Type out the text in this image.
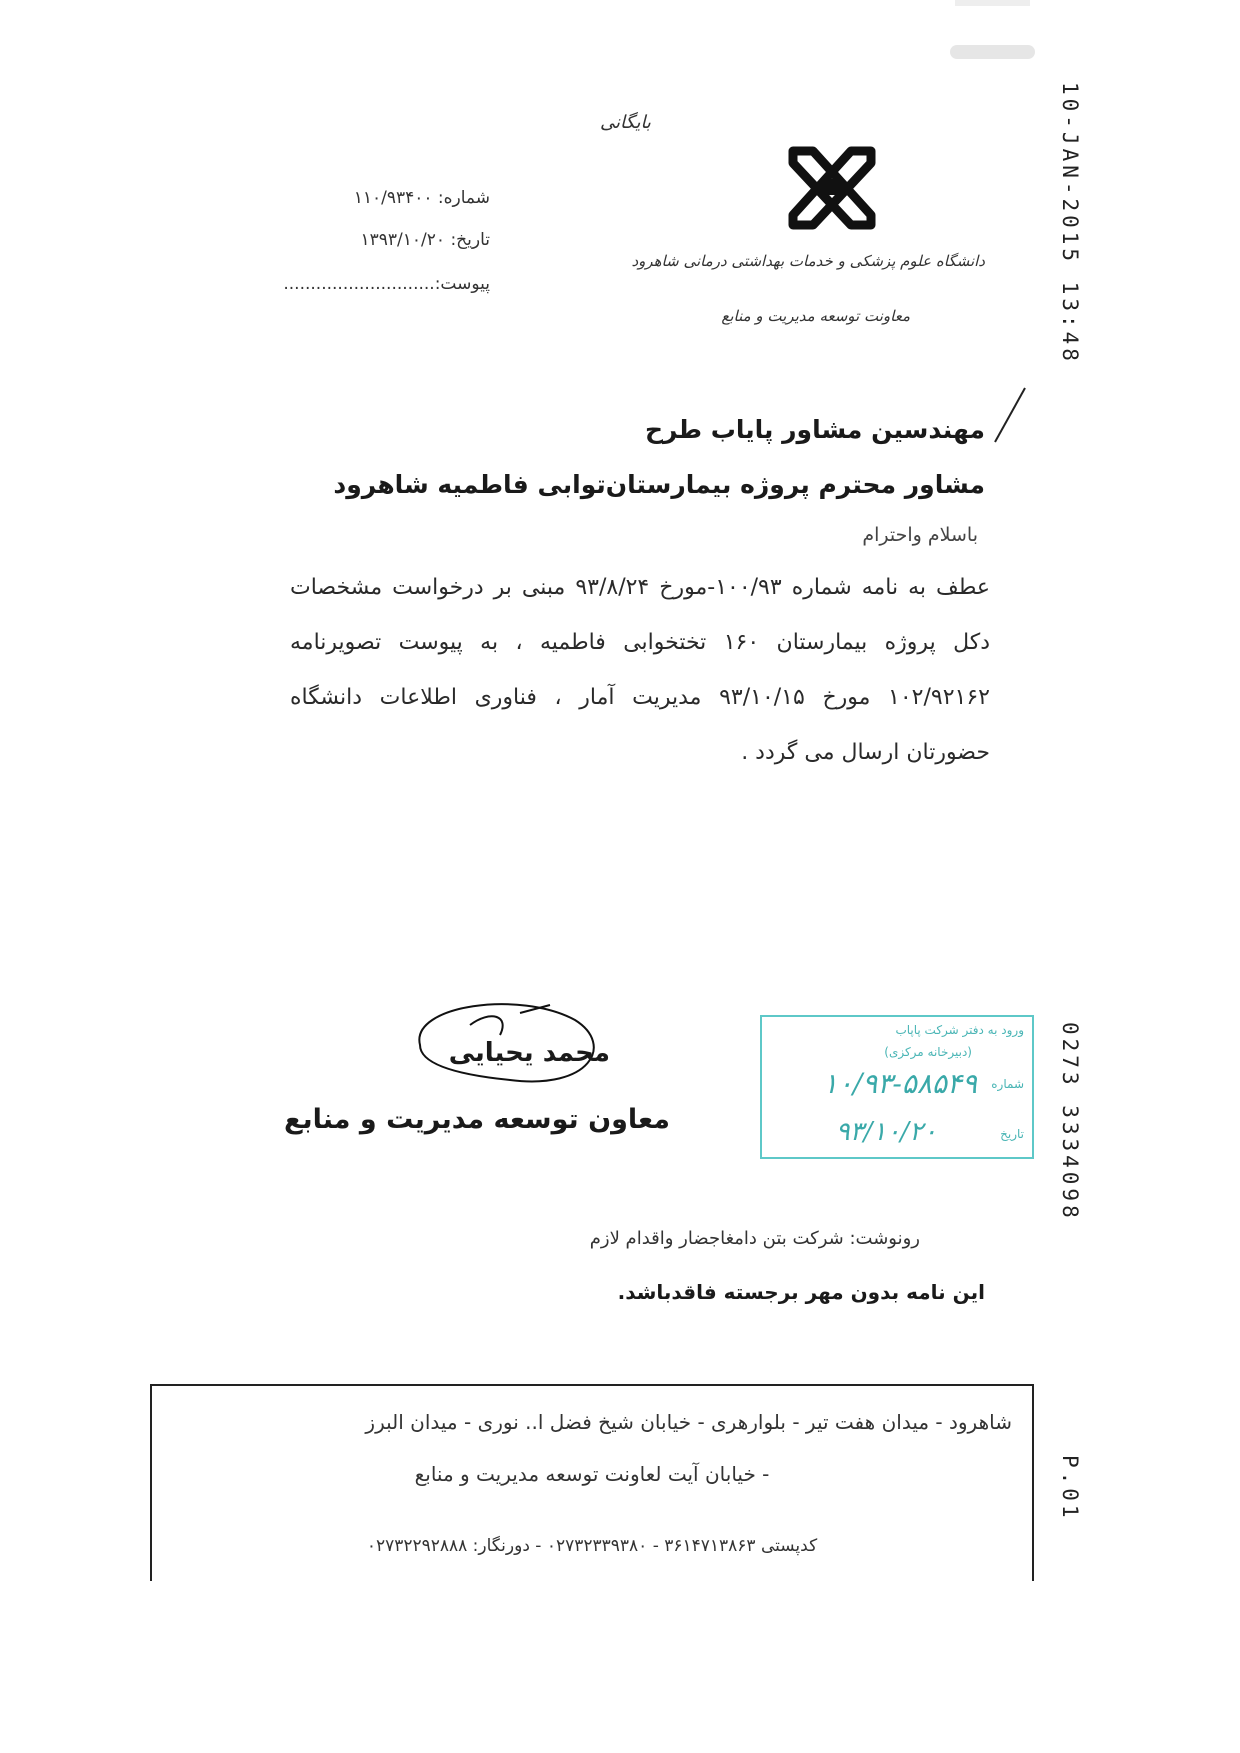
10-JAN-2015 13:48
0273 3334098
P.01
بایگانی
دانشگاه علوم پزشکی و خدمات بهداشتی درمانی شاهرود
معاونت توسعه مدیریت و منابع
شماره: ۱۱۰/۹۳۴۰۰
تاریخ: ۱۳۹۳/۱۰/۲۰
پیوست:............................
مهندسین مشاور پایاب طرح
مشاور محترم پروژه بیمارستان‌توابی فاطمیه شاهرود
باسلام واحترام
عطف به نامه شماره ۱۰۰/۹۳-مورخ ۹۳/۸/۲۴ مبنی بر درخواست مشخصات دکل پروژه بیمارستان ۱۶۰ تختخوابی فاطمیه ، به پیوست تصویرنامه ۱۰۲/۹۲۱۶۲ مورخ ۹۳/۱۰/۱۵ مدیریت آمار ، فناوری اطلاعات دانشگاه حضورتان ارسال می گردد .
محمد یحیایی
معاون توسعه مدیریت و منابع
ورود به دفتر شرکت پاپاب
(دبیرخانه مرکزی)
شماره
۱۰/۹۳-۵۸۵۴۹
تاریخ
۹۳/۱۰/۲۰
رونوشت: شرکت بتن دامغاجضار واقدام لازم
این نامه بدون مهر برجسته فاقدباشد.
شاهرود - میدان هفت تیر - بلوارهری - خیابان شیخ فضل ا.. نوری - میدان البرز
- خیابان آیت لعاونت توسعه مدیریت و منابع
کدپستی ۳۶۱۴۷۱۳۸۶۳ - ۰۲۷۳۲۳۳۹۳۸۰ - دورنگار: ۰۲۷۳۲۲۹۲۸۸۸
